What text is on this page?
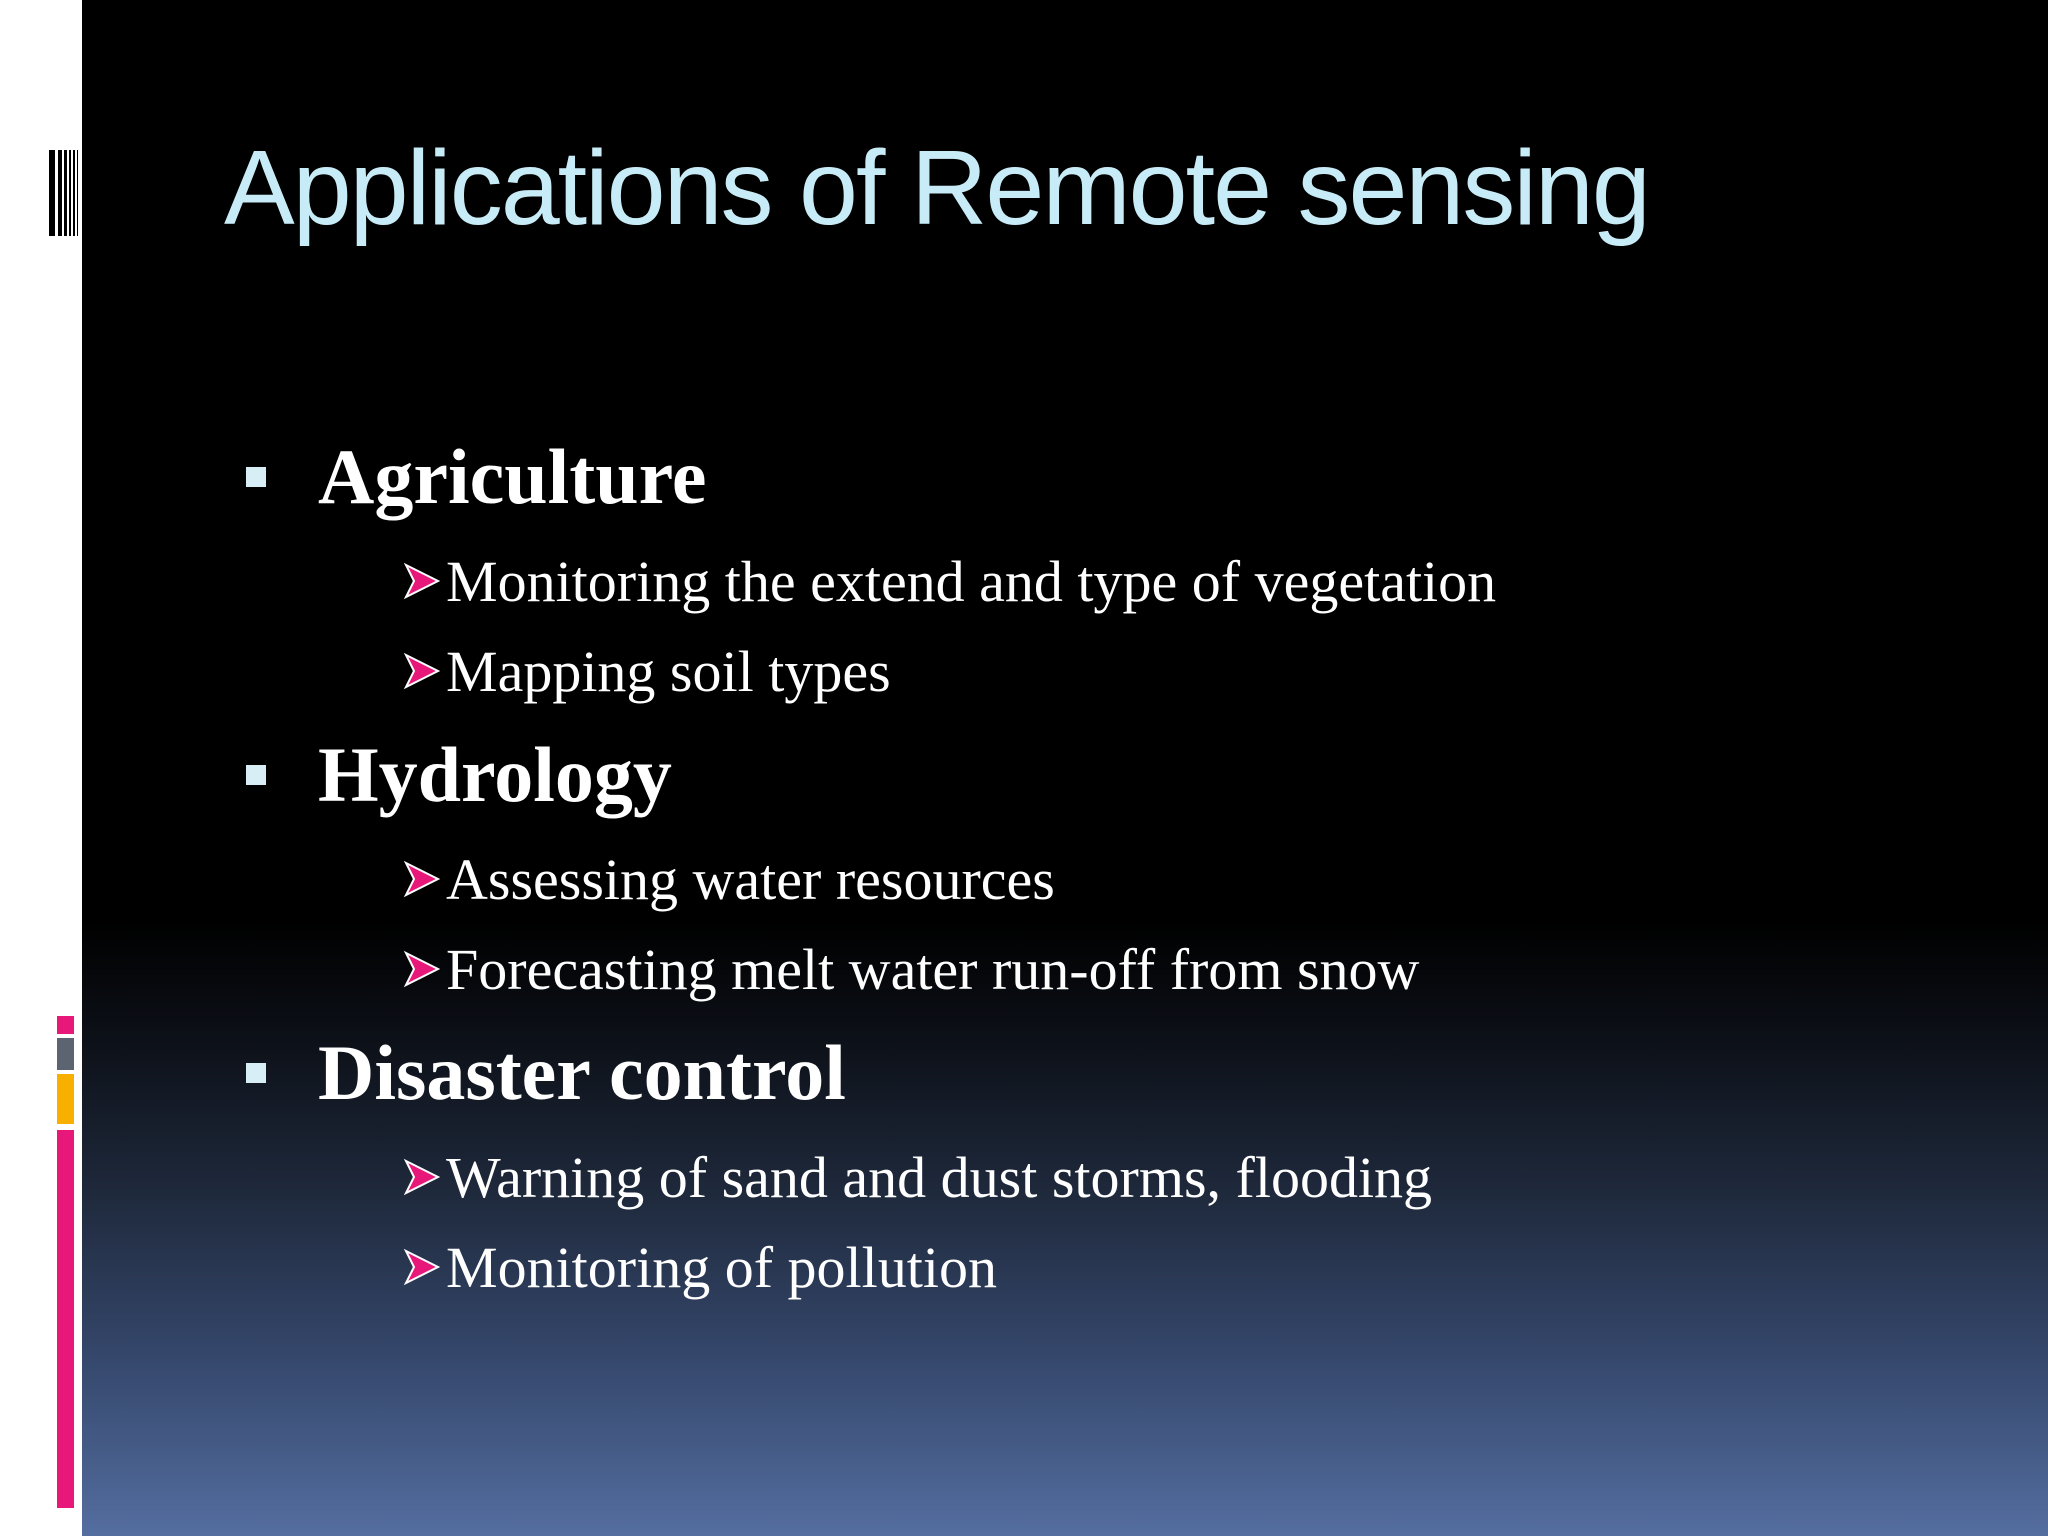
Applications of Remote sensing
Agriculture
Monitoring the extend and type of vegetation
Mapping soil types
Hydrology
Assessing water resources
Forecasting melt water run-off from snow
Disaster control
Warning of sand and dust storms, flooding
Monitoring of pollution
